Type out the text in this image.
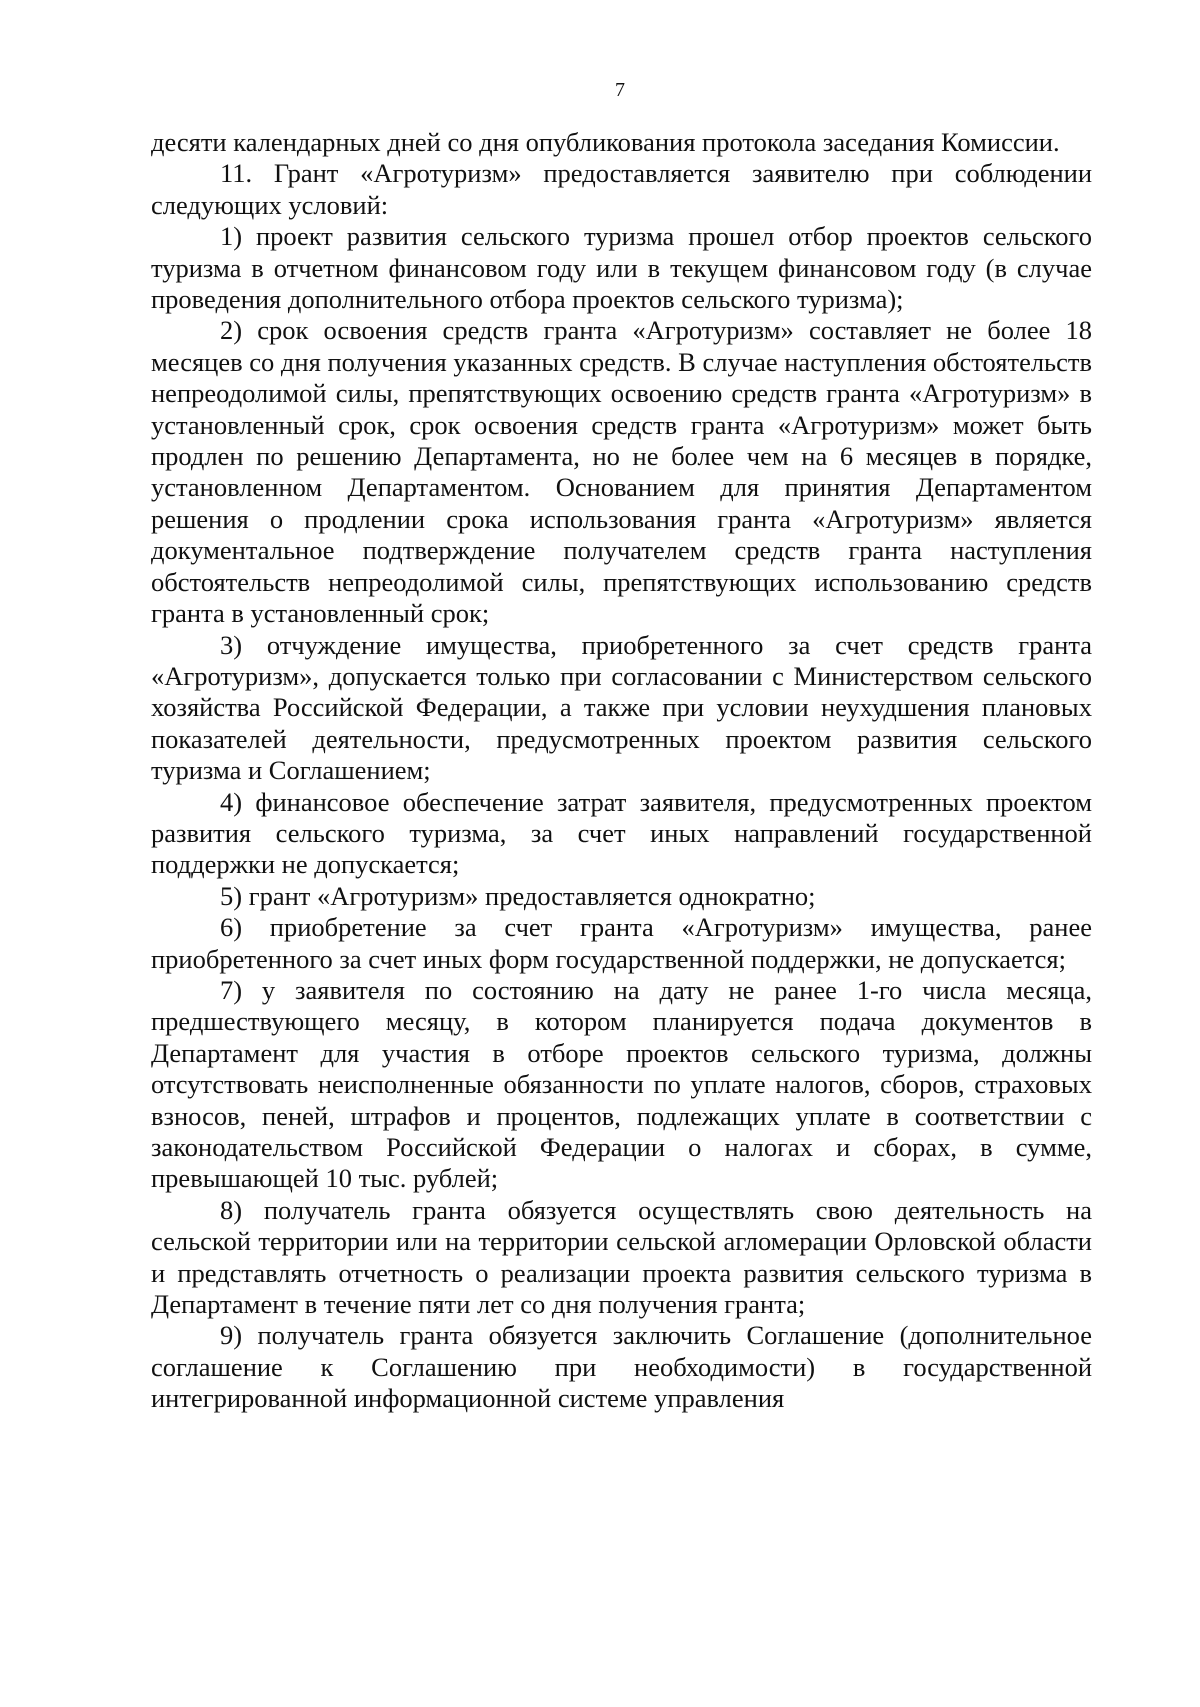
7

десяти календарных дней со дня опубликования протокола заседания Комиссии.

11. Грант «Агротуризм» предоставляется заявителю при соблюдении следующих условий:

1) проект развития сельского туризма прошел отбор проектов сельского туризма в отчетном финансовом году или в текущем финансовом году (в случае проведения дополнительного отбора проектов сельского туризма);

2) срок освоения средств гранта «Агротуризм» составляет не более 18 месяцев со дня получения указанных средств. В случае наступления обстоятельств непреодолимой силы, препятствующих освоению средств гранта «Агротуризм» в установленный срок, срок освоения средств гранта «Агротуризм» может быть продлен по решению Департамента, но не более чем на 6 месяцев в порядке, установленном Департаментом. Основанием для принятия Департаментом решения о продлении срока использования гранта «Агротуризм» является документальное подтверждение получателем средств гранта наступления обстоятельств непреодолимой силы, препятствующих использованию средств гранта в установленный срок;

3) отчуждение имущества, приобретенного за счет средств гранта «Агротуризм», допускается только при согласовании с Министерством сельского хозяйства Российской Федерации, а также при условии неухудшения плановых показателей деятельности, предусмотренных проектом развития сельского туризма и Соглашением;

4) финансовое обеспечение затрат заявителя, предусмотренных проектом развития сельского туризма, за счет иных направлений государственной поддержки не допускается;

5) грант «Агротуризм» предоставляется однократно;

6) приобретение за счет гранта «Агротуризм» имущества, ранее приобретенного за счет иных форм государственной поддержки, не допускается;

7) у заявителя по состоянию на дату не ранее 1-го числа месяца, предшествующего месяцу, в котором планируется подача документов в Департамент для участия в отборе проектов сельского туризма, должны отсутствовать неисполненные обязанности по уплате налогов, сборов, страховых взносов, пеней, штрафов и процентов, подлежащих уплате в соответствии с законодательством Российской Федерации о налогах и сборах, в сумме, превышающей 10 тыс. рублей;

8) получатель гранта обязуется осуществлять свою деятельность на сельской территории или на территории сельской агломерации Орловской области и представлять отчетность о реализации проекта развития сельского туризма в Департамент в течение пяти лет со дня получения гранта;

9) получатель гранта обязуется заключить Соглашение (дополнительное соглашение к Соглашению при необходимости) в государственной интегрированной информационной системе управления
